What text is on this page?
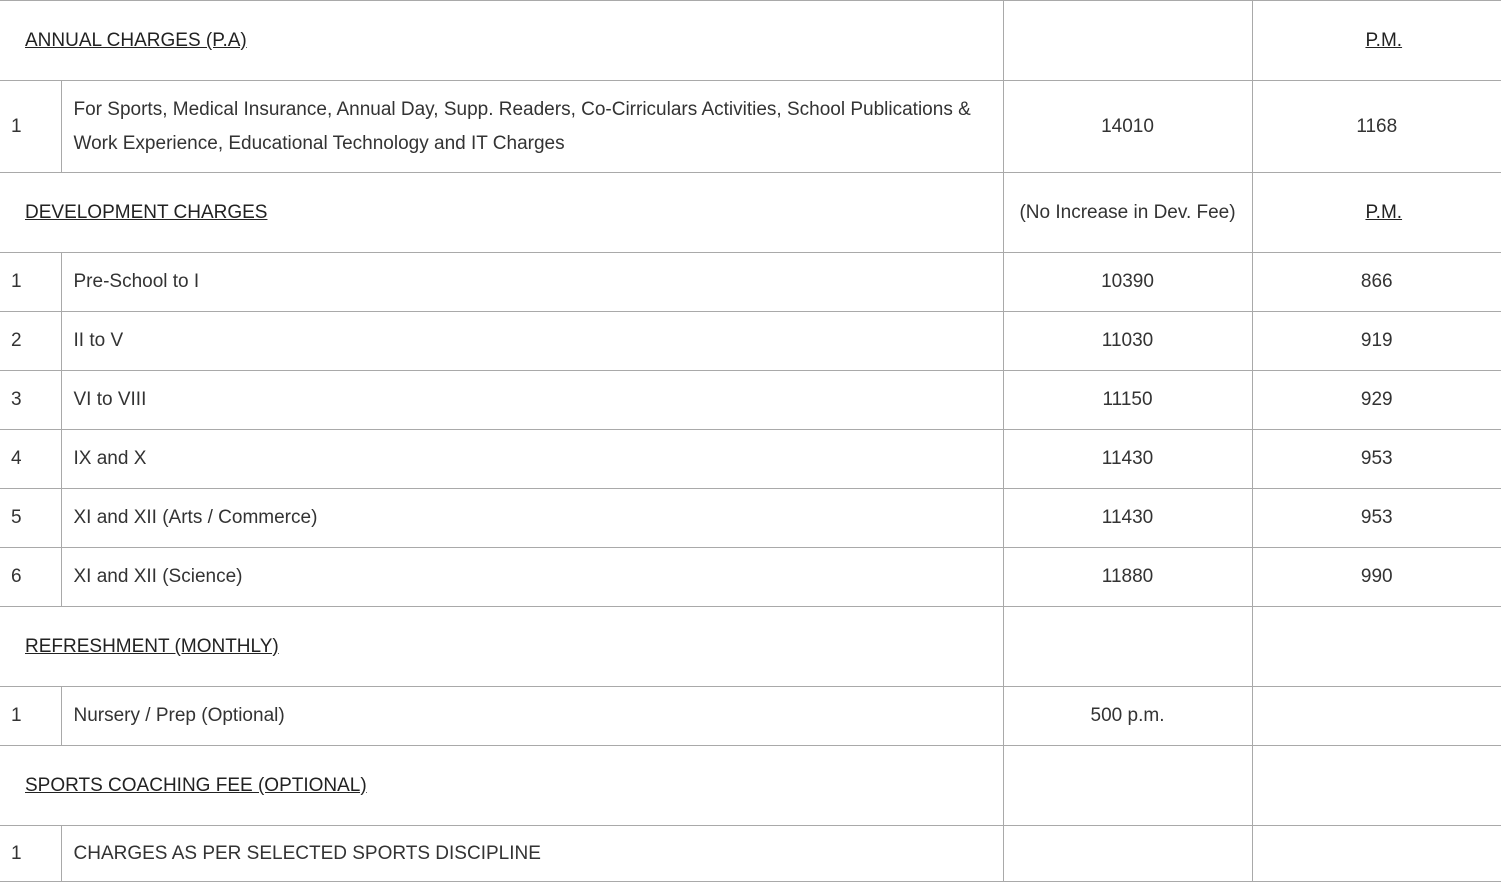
ANNUAL CHARGES (P.A)			P.M.
1	For Sports, Medical Insurance, Annual Day, Supp. Readers, Co-Cirriculars Activities, School Publications & Work Experience, Educational Technology and IT Charges	14010	1168
DEVELOPMENT CHARGES		(No Increase in Dev. Fee)	P.M.
1	Pre-School to I	10390	866
2	II to V	11030	919
3	VI to VIII	11150	929
4	IX and X	11430	953
5	XI and XII (Arts / Commerce)	11430	953
6	XI and XII (Science)	11880	990
REFRESHMENT (MONTHLY)			
1	Nursery / Prep (Optional)	500 p.m.	
SPORTS COACHING FEE (OPTIONAL)			
1	CHARGES AS PER SELECTED SPORTS DISCIPLINE		
